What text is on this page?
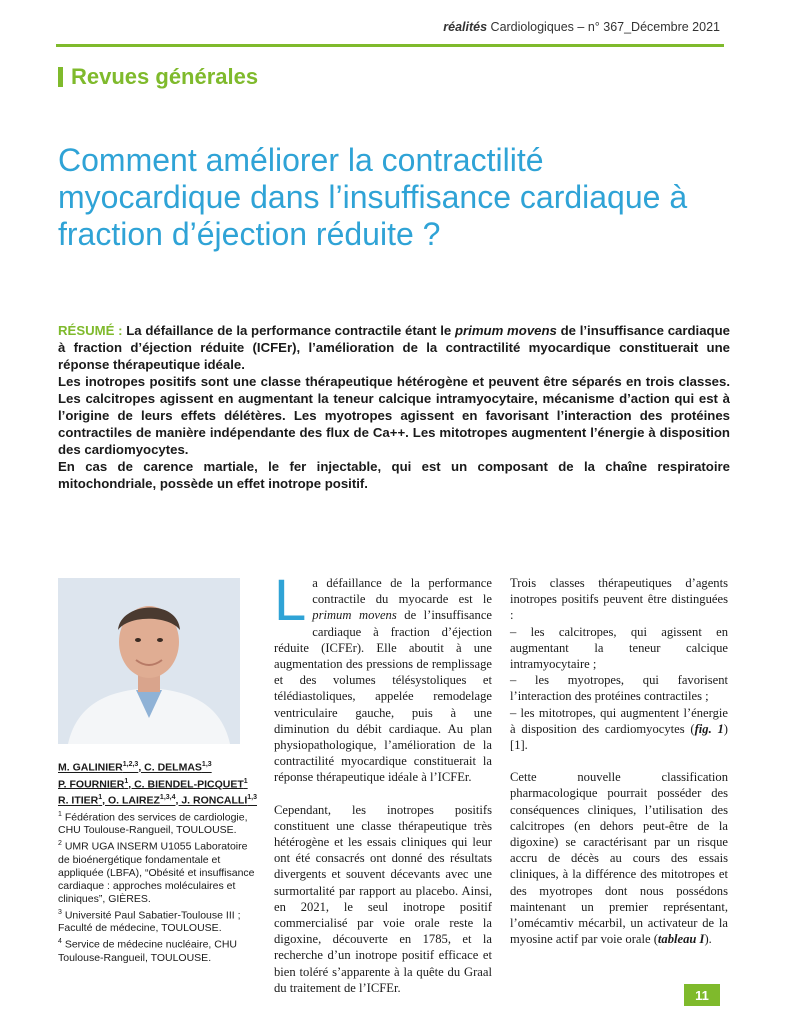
réalités Cardiologiques – n° 367_Décembre 2021
Revues générales
Comment améliorer la contractilité myocardique dans l’insuffisance cardiaque à fraction d’éjection réduite ?

RÉSUMÉ : La défaillance de la performance contractile étant le primum movens de l’insuffisance cardiaque à fraction d’éjection réduite (ICFEr), l’amélioration de la contractilité myocardique constituerait une réponse thérapeutique idéale.

Les inotropes positifs sont une classe thérapeutique hétérogène et peuvent être séparés en trois classes. Les calcitropes agissent en augmentant la teneur calcique intramyocytaire, mécanisme d’action qui est à l’origine de leurs effets délétères. Les myotropes agissent en favorisant l’interaction des protéines contractiles de manière indépendante des flux de Ca++. Les mitotropes augmentent l’énergie à disposition des cardiomyocytes.

En cas de carence martiale, le fer injectable, qui est un composant de la chaîne respiratoire mitochondriale, possède un effet inotrope positif.

M. GALINIER$^{1,2,3}$, C. DELMAS$^{1,3}$
P. FOURNIER$^1$, C. BIENDEL-PICQUET$^1$
R. ITIER$^1$, O. LAIREZ$^{1,3,4}$, J. RONCALLI$^{1,3}$
$^1$ Fédération des services de cardiologie, CHU Toulouse-Rangueil, TOULOUSE.
$^2$ UMR UGA INSERM U1055 Laboratoire de bioénergétique fondamentale et appliquée (LBFA), “Obésité et insuffisance cardiaque : approches moléculaires et cliniques”, GIÈRES.
$^3$ Université Paul Sabatier-Toulouse III ; Faculté de médecine, TOULOUSE.
$^4$ Service de médecine nucléaire, CHU Toulouse-Rangueil, TOULOUSE.

La défaillance de la performance contractile du myocarde est le primum movens de l’insuffisance cardiaque à fraction d’éjection réduite (ICFEr). Elle aboutit à une augmentation des pressions de remplissage et des volumes télésystoliques et télédiastoliques, appelée remodelage ventriculaire gauche, puis à une diminution du débit cardiaque. Au plan physiopathologique, l’amélioration de la contractilité myocardique constituerait la réponse thérapeutique idéale à l’ICFEr.

Cependant, les inotropes positifs constituent une classe thérapeutique très hétérogène et les essais cliniques qui leur ont été consacrés ont donné des résultats divergents et souvent décevants avec une surmortalité par rapport au placebo. Ainsi, en 2021, le seul inotrope positif commercialisé par voie orale reste la digoxine, découverte en 1785, et la recherche d’un inotrope positif efficace et bien toléré s’apparente à la quête du Graal du traitement de l’ICFEr.

Trois classes thérapeutiques d’agents inotropes positifs peuvent être distinguées :

– les calcitropes, qui agissent en augmentant la teneur calcique intramyocytaire ;
– les myotropes, qui favorisent l’interaction des protéines contractiles ;
– les mitotropes, qui augmentent l’énergie à disposition des cardiomyocytes (fig. 1) [1].

Cette nouvelle classification pharmacologique pourrait posséder des conséquences cliniques, l’utilisation des calcitropes (en dehors peut-être de la digoxine) se caractérisant par un risque accru de décès au cours des essais cliniques, à la différence des mitotropes et des myotropes dont nous possédons maintenant un premier représentant, l’omécamtiv mécarbil, un activateur de la myosine actif par voie orale (tableau I).

11
